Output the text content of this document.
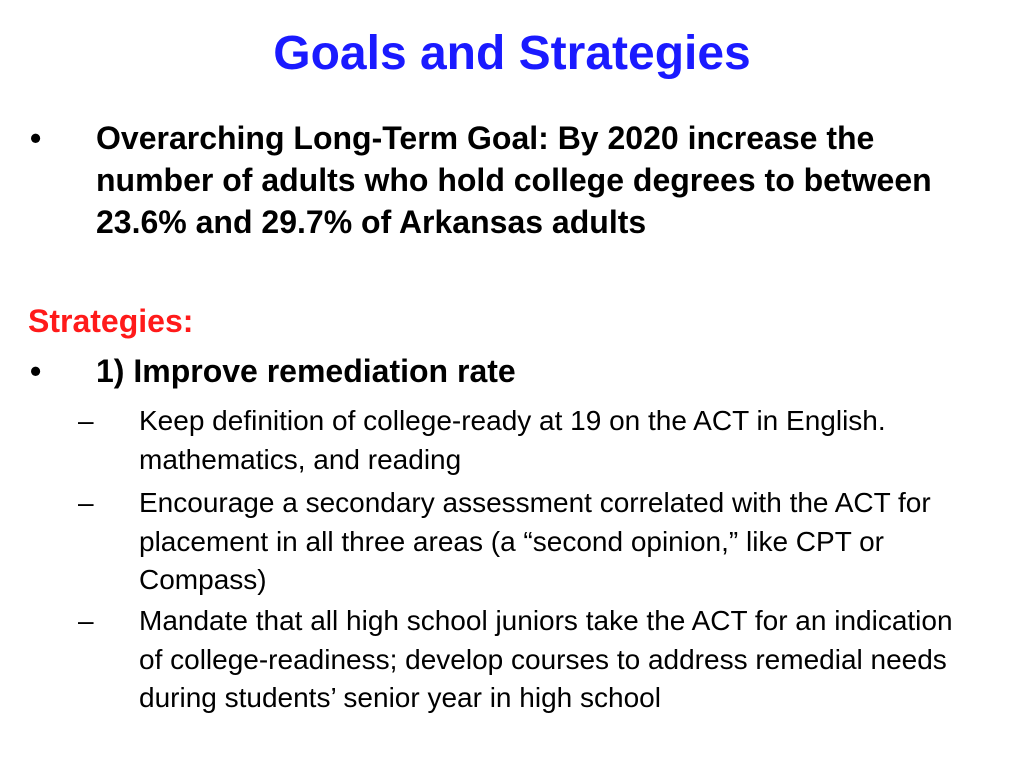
Goals and Strategies
• Overarching Long-Term Goal: By 2020 increase the number of adults who hold college degrees to between 23.6% and 29.7% of Arkansas adults
Strategies:
• 1) Improve remediation rate
– Keep definition of college-ready at 19 on the ACT in English. mathematics, and reading
– Encourage a secondary assessment correlated with the ACT for placement in all three areas (a “second opinion,” like CPT or Compass)
– Mandate that all high school juniors take the ACT for an indication of college-readiness; develop courses to address remedial needs during students’ senior year in high school
